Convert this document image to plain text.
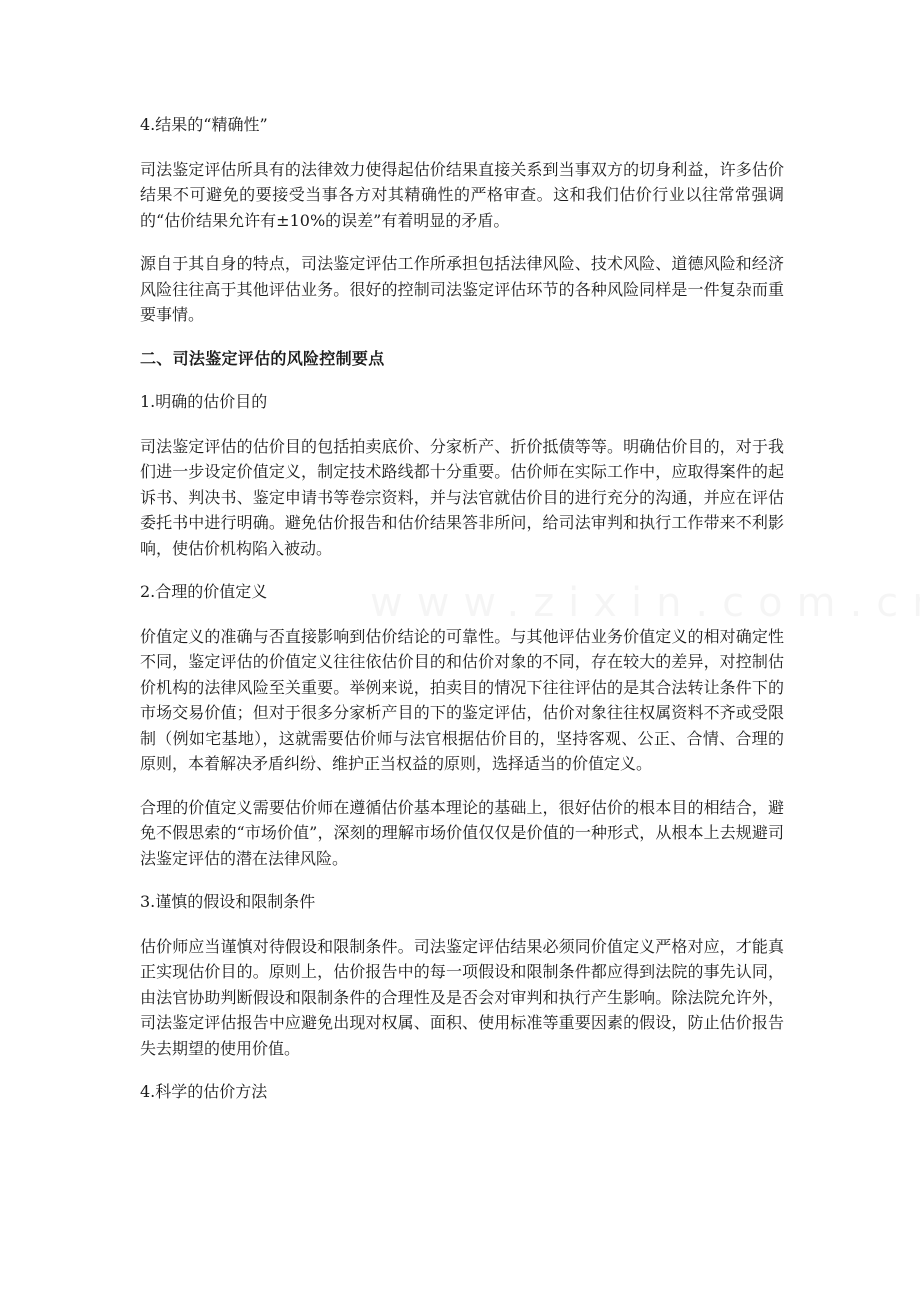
4.结果的“精确性”

司法鉴定评估所具有的法律效力使得起估价结果直接关系到当事双方的切身利益，许多估价结果不可避免的要接受当事各方对其精确性的严格审查。这和我们估价行业以往常常强调的“估价结果允许有±10%的误差”有着明显的矛盾。

源自于其自身的特点，司法鉴定评估工作所承担包括法律风险、技术风险、道德风险和经济风险往往高于其他评估业务。很好的控制司法鉴定评估环节的各种风险同样是一件复杂而重要事情。

二、司法鉴定评估的风险控制要点

1.明确的估价目的

司法鉴定评估的估价目的包括拍卖底价、分家析产、折价抵债等等。明确估价目的，对于我们进一步设定价值定义，制定技术路线都十分重要。估价师在实际工作中，应取得案件的起诉书、判决书、鉴定申请书等卷宗资料，并与法官就估价目的进行充分的沟通，并应在评估委托书中进行明确。避免估价报告和估价结果答非所问，给司法审判和执行工作带来不利影响，使估价机构陷入被动。

2.合理的价值定义

价值定义的准确与否直接影响到估价结论的可靠性。与其他评估业务价值定义的相对确定性不同，鉴定评估的价值定义往往依估价目的和估价对象的不同，存在较大的差异，对控制估价机构的法律风险至关重要。举例来说，拍卖目的情况下往往评估的是其合法转让条件下的市场交易价值；但对于很多分家析产目的下的鉴定评估，估价对象往往权属资料不齐或受限制（例如宅基地），这就需要估价师与法官根据估价目的，坚持客观、公正、合情、合理的原则，本着解决矛盾纠纷、维护正当权益的原则，选择适当的价值定义。

合理的价值定义需要估价师在遵循估价基本理论的基础上，很好估价的根本目的相结合，避免不假思索的“市场价值”，深刻的理解市场价值仅仅是价值的一种形式，从根本上去规避司法鉴定评估的潜在法律风险。

3.谨慎的假设和限制条件

估价师应当谨慎对待假设和限制条件。司法鉴定评估结果必须同价值定义严格对应，才能真正实现估价目的。原则上，估价报告中的每一项假设和限制条件都应得到法院的事先认同，由法官协助判断假设和限制条件的合理性及是否会对审判和执行产生影响。除法院允许外，司法鉴定评估报告中应避免出现对权属、面积、使用标准等重要因素的假设，防止估价报告失去期望的使用价值。

4.科学的估价方法
